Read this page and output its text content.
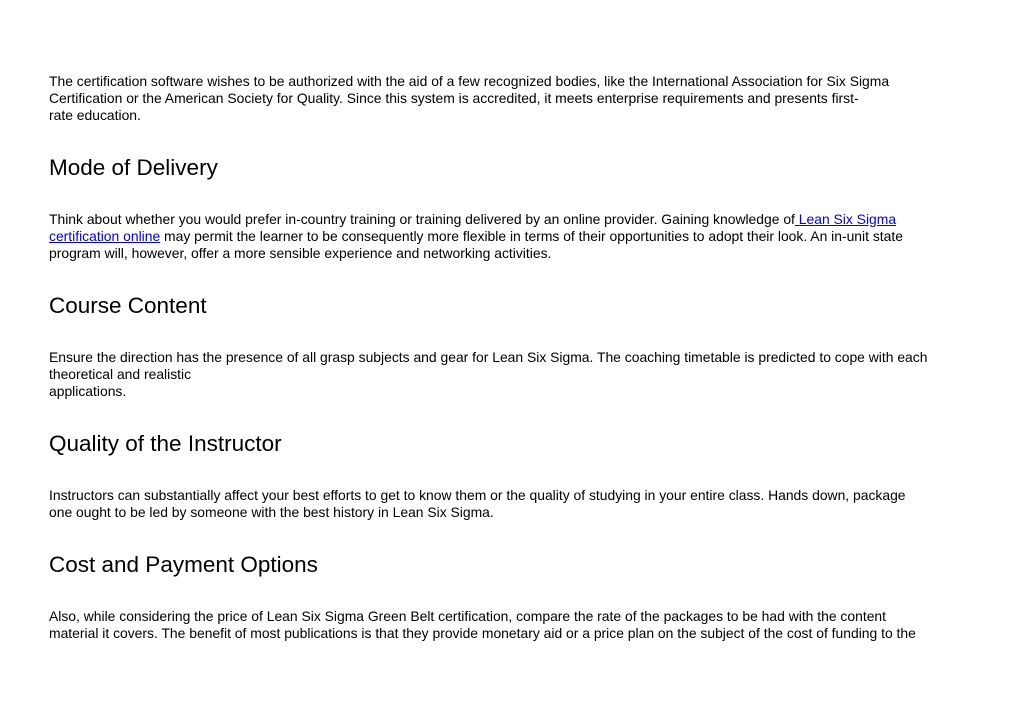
The certification software wishes to be authorized with the aid of a few recognized bodies, like the International Association for Six Sigma
Certification or the American Society for Quality. Since this system is accredited, it meets enterprise requirements and presents first-
rate education.

Mode of Delivery

Think about whether you would prefer in-country training or training delivered by an online provider. Gaining knowledge of Lean Six Sigma
certification online may permit the learner to be consequently more flexible in terms of their opportunities to adopt their look. An in-unit state
program will, however, offer a more sensible experience and networking activities.

Course Content

Ensure the direction has the presence of all grasp subjects and gear for Lean Six Sigma. The coaching timetable is predicted to cope with each
theoretical and realistic
applications.

Quality of the Instructor

Instructors can substantially affect your best efforts to get to know them or the quality of studying in your entire class. Hands down, package
one ought to be led by someone with the best history in Lean Six Sigma.

Cost and Payment Options

Also, while considering the price of Lean Six Sigma Green Belt certification, compare the rate of the packages to be had with the content
material it covers. The benefit of most publications is that they provide monetary aid or a price plan on the subject of the cost of funding to the
